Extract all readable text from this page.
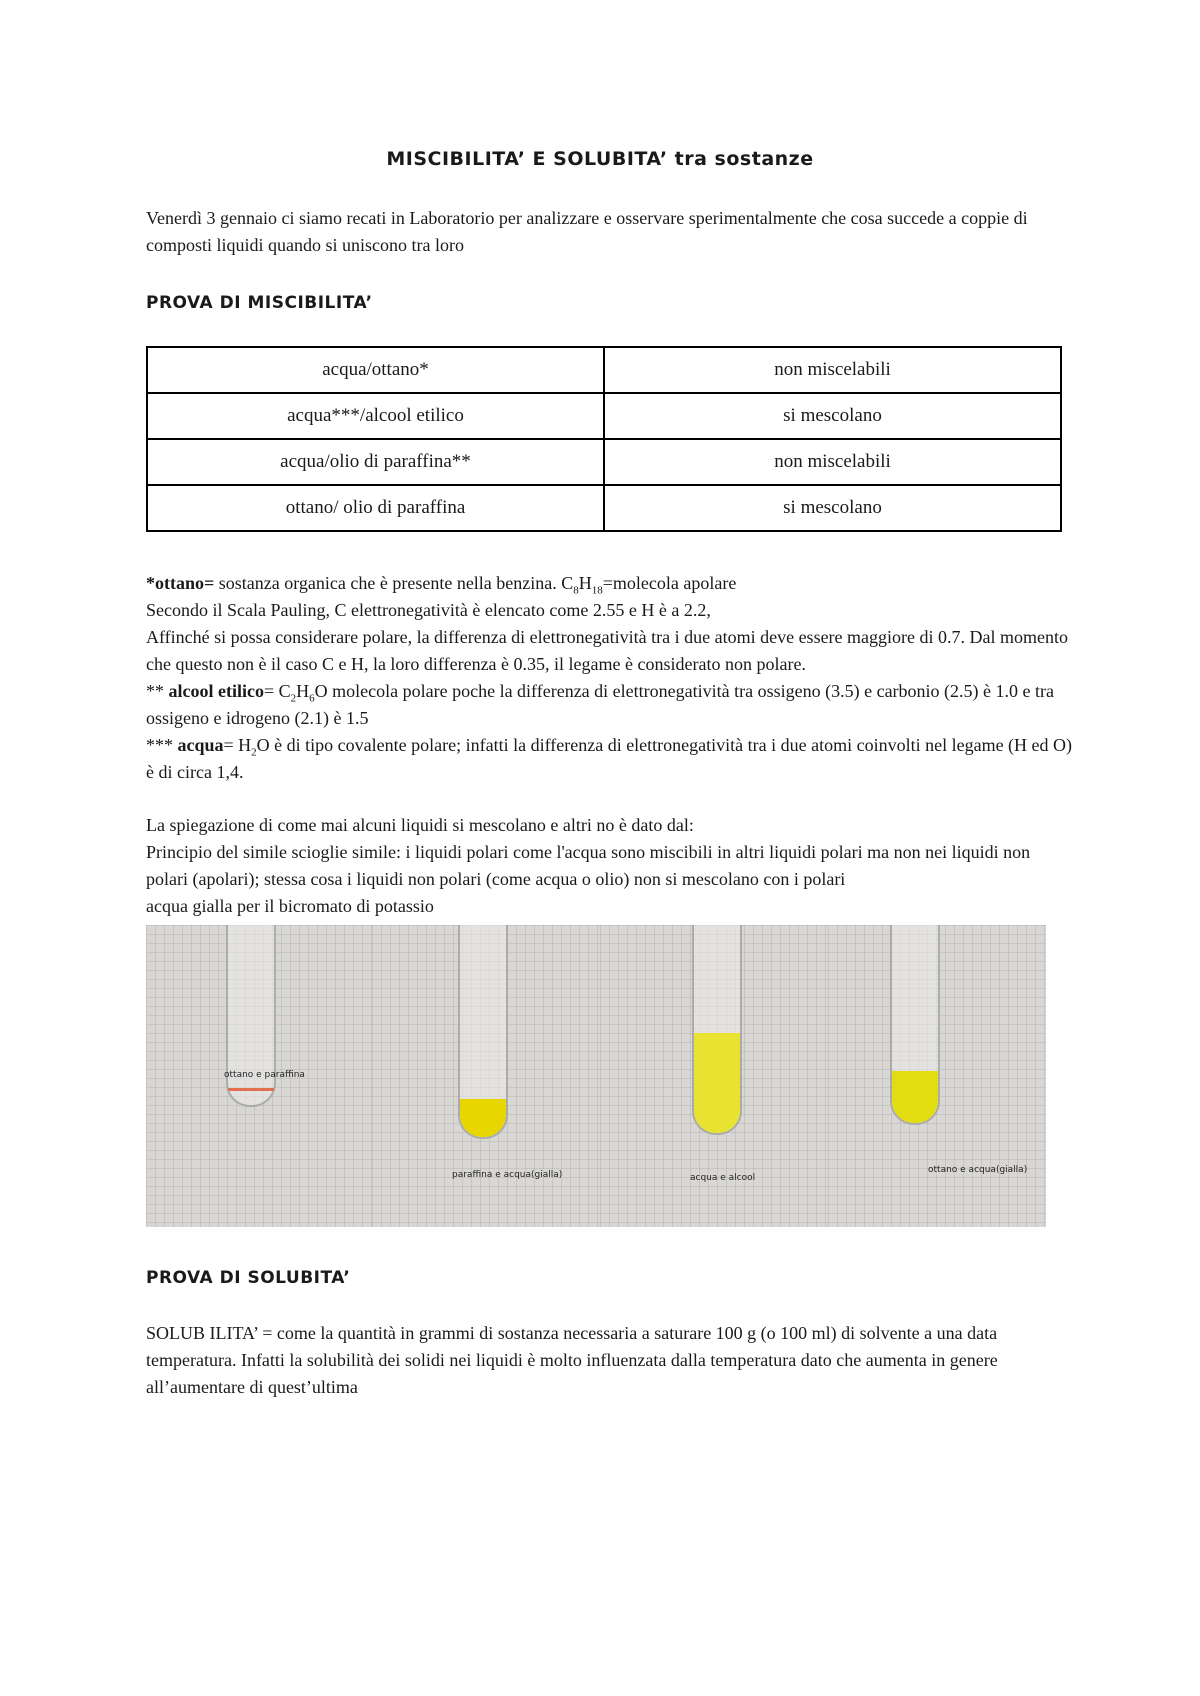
MISCIBILITA’ E SOLUBITA’ tra sostanze
Venerdì 3 gennaio ci siamo recati in Laboratorio per analizzare e osservare sperimentalmente che cosa succede a coppie di composti liquidi quando si uniscono tra loro
PROVA DI MISCIBILITA’
acqua/ottano*	non miscelabili
acqua***/alcool etilico	si mescolano
acqua/olio di paraffina**	non miscelabili
ottano/ olio di paraffina	si mescolano
*ottano= sostanza organica che è presente nella benzina. $C_8H_{18}=molecola$ apolare
Secondo il Scala Pauling, C elettronegatività è elencato come 2.55 e H è a 2.2,
Affinché si possa considerare polare, la differenza di elettronegatività tra i due atomi deve essere maggiore di 0.7. Dal momento che questo non è il caso C e H, la loro differenza è 0.35, il legame è considerato non polare.
** alcool etilico= $C_2H_6O$ molecola polare poche la differenza di elettronegatività tra ossigeno (3.5) e carbonio (2.5) è 1.0 e tra ossigeno e idrogeno (2.1) è 1.5
*** acqua= $H_2O$ è di tipo covalente polare; infatti la differenza di elettronegatività tra i due atomi coinvolti nel legame (H ed O) è di circa 1,4.
La spiegazione di come mai alcuni liquidi si mescolano e altri no è dato dal:
Principio del simile scioglie simile: i liquidi polari come l'acqua sono miscibili in altri liquidi polari ma non nei liquidi non polari (apolari); stessa cosa i liquidi non polari (come acqua o olio) non si mescolano con i polari
acqua gialla per il bicromato di potassio
ottano e paraffina
paraffina e acqua(gialla)	acqua e alcool
ottano e acqua(gialla)
PROVA DI SOLUBITA’
SOLUB ILITA’ = come la quantità in grammi di sostanza necessaria a saturare 100 g (o 100 ml) di solvente a una data temperatura. Infatti la solubilità dei solidi nei liquidi è molto influenzata dalla temperatura dato che aumenta in genere all’aumentare di quest’ultima
